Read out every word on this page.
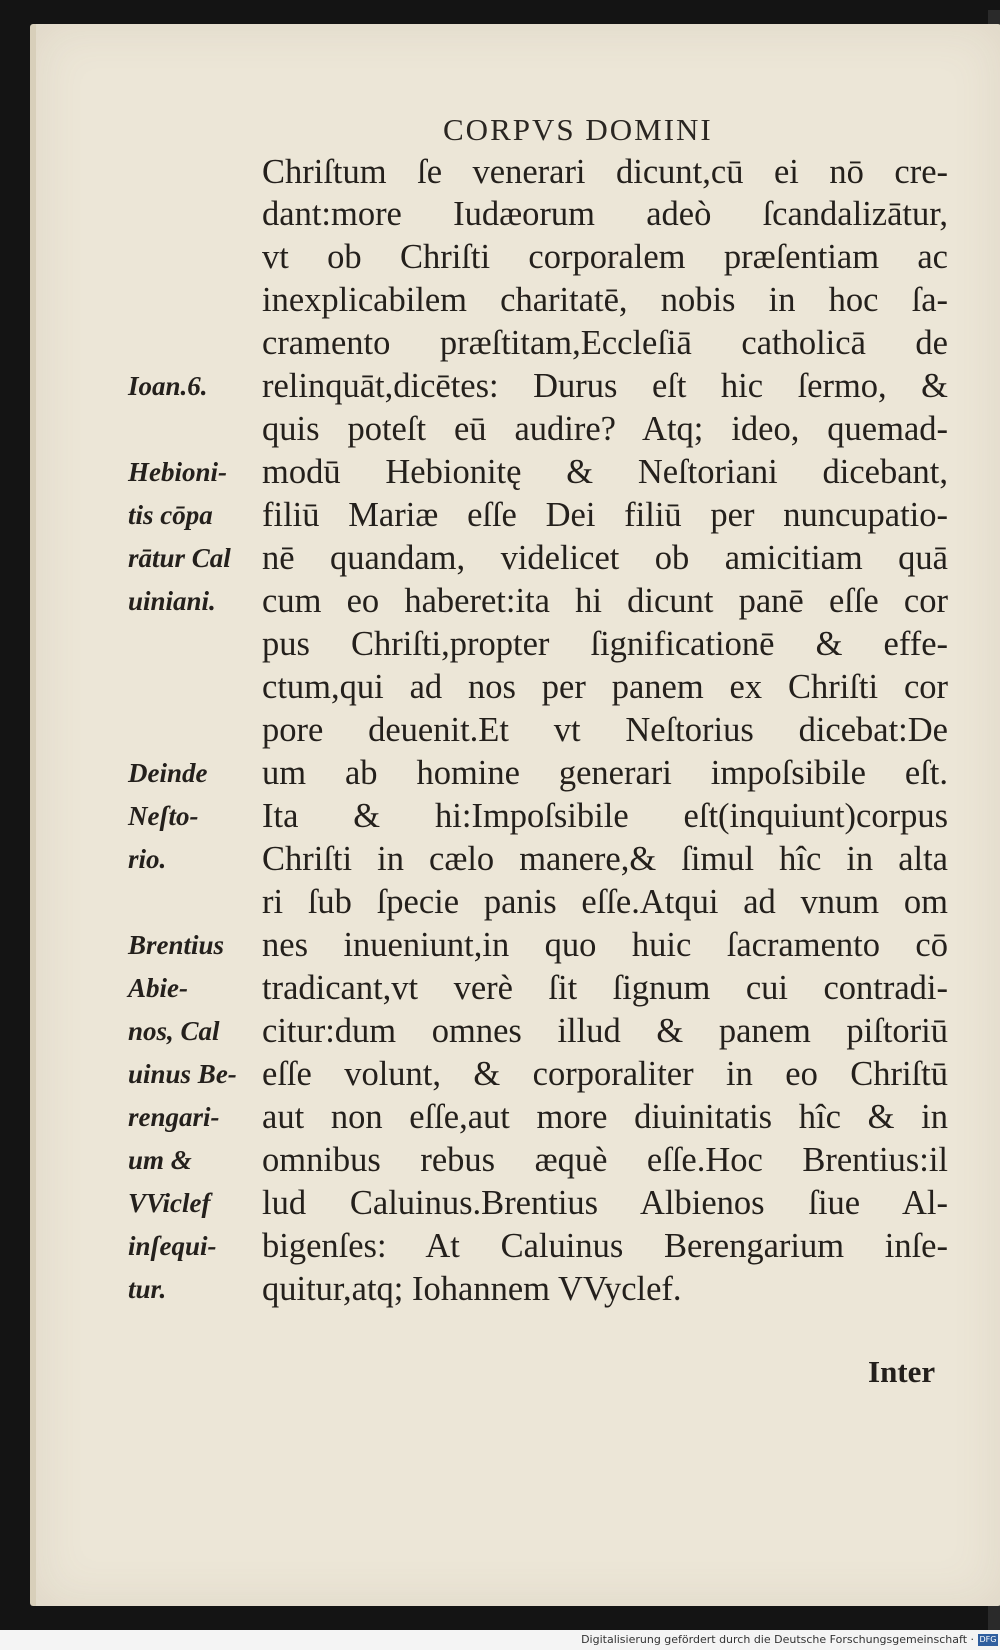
CORPVS DOMINI
Chriſtum ſe venerari dicunt,cū ei nō cre-
dant:more Iudæorum adeò ſcandalizātur,
vt ob Chriſti corporalem præſentiam ac
inexplicabilem charitatē, nobis in hoc ſa-
cramento præſtitam,Eccleſiā catholicā de
relinquāt,dicētes: Durus eſt hic ſermo, &
quis poteſt eū audire? Atq; ideo, quemad-
modū Hebionitę & Neſtoriani dicebant,
filiū Mariæ eſſe Dei filiū per nuncupatio-
nē quandam, videlicet ob amicitiam quā
cum eo haberet:ita hi dicunt panē eſſe cor
pus Chriſti,propter ſignificationē & effe-
ctum,qui ad nos per panem ex Chriſti cor
pore deuenit.Et vt Neſtorius dicebat:De
um ab homine generari impoſsibile eſt.
Ita & hi:Impoſsibile eſt(inquiunt)corpus
Chriſti in cælo manere,& ſimul hîc in alta
ri ſub ſpecie panis eſſe.Atqui ad vnum om
nes inueniunt,in quo huic ſacramento cō
tradicant,vt verè ſit ſignum cui contradi-
citur:dum omnes illud & panem piſtoriū
eſſe volunt, & corporaliter in eo Chriſtū
aut non eſſe,aut more diuinitatis hîc & in
omnibus rebus æquè eſſe.Hoc Brentius:il
lud Caluinus.Brentius Albienos ſiue Al-
bigenſes: At Caluinus Berengarium inſe-
quitur,atq; Iohannem VVyclef.
Ioan.6.
Hebioni-
tis cōpa
rātur Cal
uiniani.
Deinde
Neſto-
rio.
Brentius
Abie-
nos, Cal
uinus Be-
rengari-
um &
VViclef
inſequi-
tur.
Inter
Digitalisierung gefördert durch die Deutsche Forschungsgemeinschaft · DFG
